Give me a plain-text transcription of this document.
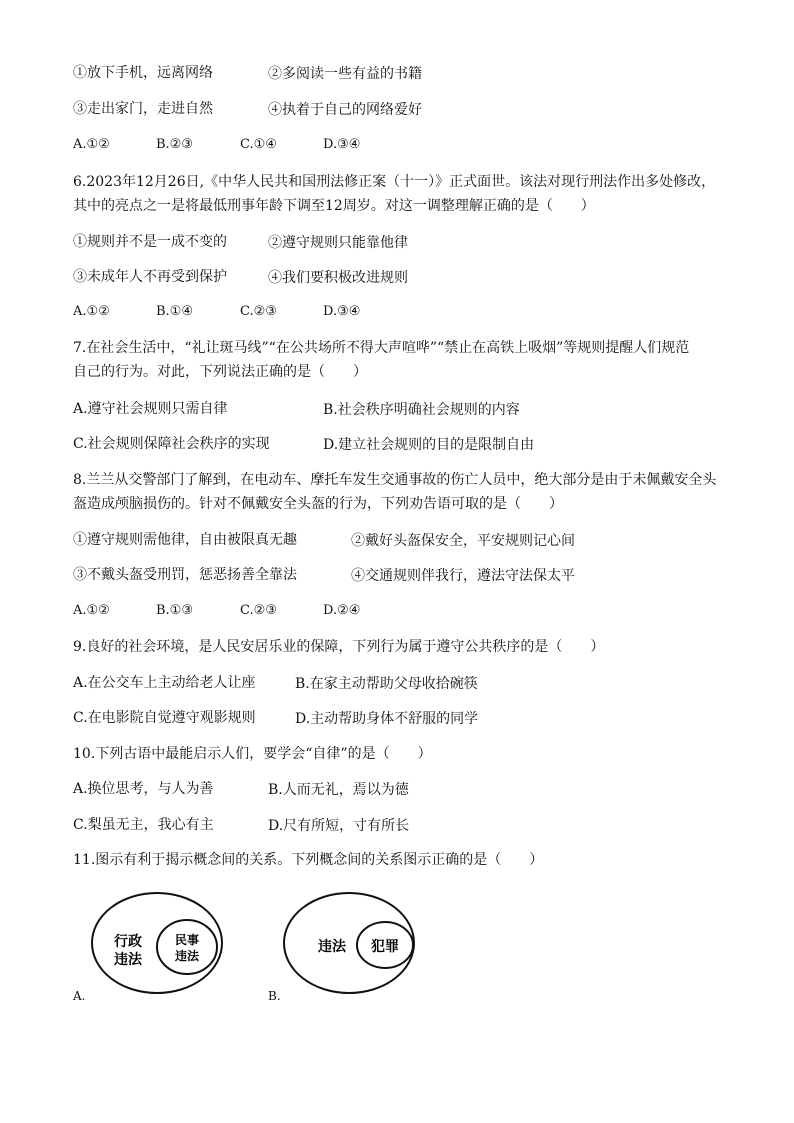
①放下手机，远离网络	②多阅读一些有益的书籍
③走出家门，走进自然	④执着于自己的网络爱好
A.①②	B.②③	C.①④	D.③④
6.2023年12月26日,《中华人民共和国刑法修正案（十一）》正式面世。该法对现行刑法作出多处修改，
其中的亮点之一是将最低刑事年龄下调至12周岁。对这一调整理解正确的是（　　）
①规则并不是一成不变的	②遵守规则只能靠他律
③未成年人不再受到保护	④我们要积极改进规则
A.①②	B.①④	C.②③	D.③④
7.在社会生活中，“礼让斑马线”“在公共场所不得大声喧哗”“禁止在高铁上吸烟”等规则提醒人们规范
自己的行为。对此，下列说法正确的是（　　）
A.遵守社会规则只需自律	B.社会秩序明确社会规则的内容
C.社会规则保障社会秩序的实现	D.建立社会规则的目的是限制自由
8.兰兰从交警部门了解到，在电动车、摩托车发生交通事故的伤亡人员中，绝大部分是由于未佩戴安全头
盔造成颅脑损伤的。针对不佩戴安全头盔的行为，下列劝告语可取的是（　　）
①遵守规则需他律，自由被限真无趣	②戴好头盔保安全，平安规则记心间
③不戴头盔受刑罚，惩恶扬善全靠法	④交通规则伴我行，遵法守法保太平
A.①②	B.①③	C.②③	D.②④
9.良好的社会环境，是人民安居乐业的保障，下列行为属于遵守公共秩序的是（　　）
A.在公交车上主动给老人让座	B.在家主动帮助父母收拾碗筷
C.在电影院自觉遵守观影规则	D.主动帮助身体不舒服的同学
10.下列古语中最能启示人们，要学会“自律”的是（　　）
A.换位思考，与人为善	B.人而无礼，焉以为德
C.梨虽无主，我心有主	D.尺有所短，寸有所长
11.图示有利于揭示概念间的关系。下列概念间的关系图示正确的是（　　）
行政
违法
民事
违法
A.
违法 犯罪
B.
